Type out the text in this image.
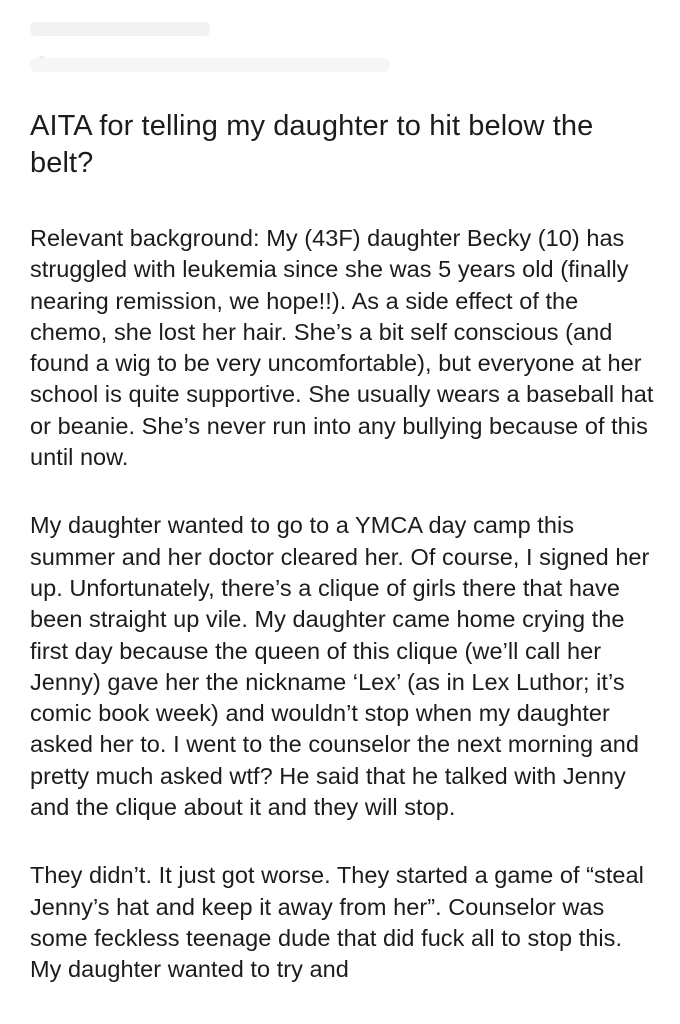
AITA for telling my daughter to hit below the belt?

Relevant background: My (43F) daughter Becky (10) has struggled with leukemia since she was 5 years old (finally nearing remission, we hope!!). As a side effect of the chemo, she lost her hair. She’s a bit self conscious (and found a wig to be very uncomfortable), but everyone at her school is quite supportive. She usually wears a baseball hat or beanie. She’s never run into any bullying because of this until now.

My daughter wanted to go to a YMCA day camp this summer and her doctor cleared her. Of course, I signed her up. Unfortunately, there’s a clique of girls there that have been straight up vile. My daughter came home crying the first day because the queen of this clique (we’ll call her Jenny) gave her the nickname ‘Lex’ (as in Lex Luthor; it’s comic book week) and wouldn’t stop when my daughter asked her to. I went to the counselor the next morning and pretty much asked wtf? He said that he talked with Jenny and the clique about it and they will stop.

They didn’t. It just got worse. They started a game of “steal Jenny’s hat and keep it away from her”. Counselor was some feckless teenage dude that did fuck all to stop this. My daughter wanted to try and
